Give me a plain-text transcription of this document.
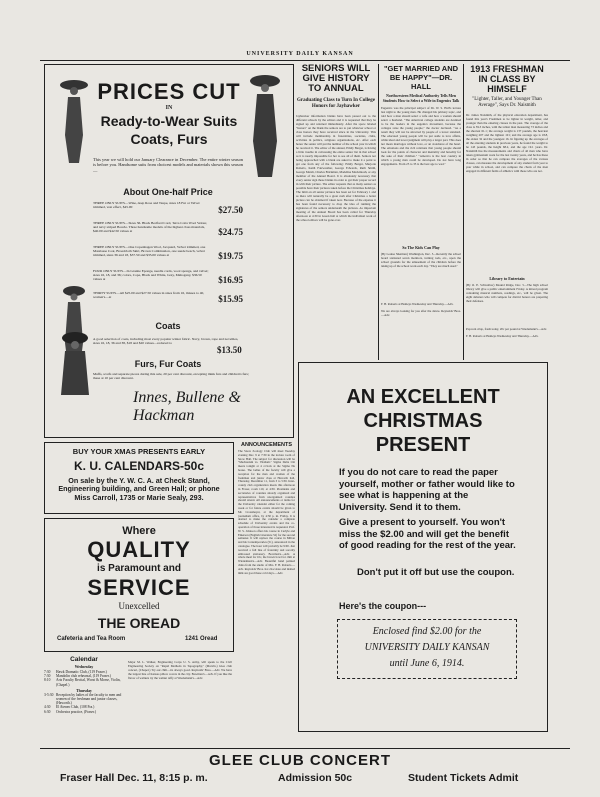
UNIVERSITY DAILY KANSAN
PRICES CUT
IN
Ready-to-Wear Suits
Coats, Furs
This year we will hold our January Clearance in December. The entire winter season is before you. Handsome suits from choicest models and materials shown this season—
About One-half Price
THREE ONLY SUITS—Wine, deep Rose and Taupe, sizes 18 Fur or Velvet trimmed, vest effect, $45.00	$27.50
THREE ONLY SUITS—Sizes 36. Black Bedford Cord, Terra Cotta Wool Velour, and navy striped Boucle. Three handsome models of the highest class materials, $40.00 and $42.50 values at	$24.75
THREE ONLY SUITS—One Copenhagen Wool, Jacquard, Velvet trimmed, one Matalasse Coat, Broadcloth Skirt, Brown Combination, one suede beach, velvet trimmed, sizes 36 and 18, $37.50 and $35.00 values at	$19.75
FOUR ONLY SUITS—In Granite Eponge, needle cords, wool sponge, and velvet; sizes 16, 18, and 36; colors, Cope, Black and White, Gray, Mahogany, $36.50 values at	$16.95
THIRTY SUITS—All $25.00 and $27.50 values in sizes from 16, misses to 40, women's—at	$15.95
Coats
A good selection of coats, including most every popular winter fabric. Navy, brown, rope and novelties, sizes 16, 18, 36 and 38, $18 and $20 values—reduced to
$13.50
Furs, Fur Coats
Muffs, scarfs and separate pieces during this sale, 20 per cent discount, excepting mink furs and children's furs; these at 10 per cent discount.
Innes, Bullene & Hackman
SENIORS WILL GIVE HISTORY TO ANNUAL
Graduating Class to Turn In College Honors for Jayhawker
Jayhawker information blanks have been passed out to the different schools by the editors and it is requested that they be signed up and returned immediately. After the space labeled "honors" on the blank the seniors are to put whatever school or class honors they have received since in the University. This will include membership in fraternities, societies, clubs, activities in politics, religious organizations, etc. After each honor the senior will put the number of the school year in which he received it. The editor of the annual, Emily Berger, is having a little trouble in canvassing the entire senior list in that school as it is nearly impossible for her to see all of them. Seniors not being approached with a blank are asked to make it a point to get one from any of the following: Emily Berger, Marjorie Roberts, Keith Fairweather, George Edwards, Ruth Smith, George Marsh, Charles Brickman, Madeline Mackintosh, or any member of the Annual Board. It is absolutely necessary that every senior sign these blanks in order to get their proper record in with their picture. The editor requests that as many seniors as possible have their pictures taken before the Christmas holidays. The limit on all senior pictures has been set for February 1 and as there will naturally be a great rush after Christmas a better picture can be obtained if taken now. Because of the expense it has been found necessary to drop the idea of running the signatures of the seniors underneath the pictures. As important meeting of the Annual Board has been called for Thursday afternoon at 4:30 in Green hall at which the individual work of the school editors will be gone over.
"GET MARRIED AND BE HAPPY"—DR. HALL
Northwestern Medical Authority Tells Men Students How to Select a Wife in Eugenics Talk
Eugenics was the principal subject of Dr. W. S. Hall's lecture last night to the young men. He changed his primary topic, and told how a man should select a wife and how a woman should select a husband. "The American college students are destined to be the leaders in the eugenics movement, because the colleges raise the young people," the doctor declared. "As a result they will not be attracted by people of a lower standard. The educated young people will be put aside to love affairs, while ideal and lower judgment will play a larger part. This does not mean marriages without love, or an avoidance of the heart. The emotions and the rich relations that young people should look for the points of character and mentality and heredity for the sake of their children." "America is the best country in which a young man could be developed. Do not have long engagements. From 25 to 35 is the best age to wed."
So The Kids Can Play
(By Louise Sherman) Washington, Dec. 5—Recently the school board stationed seven monitors, turning rods, etc., upon the school grounds for the amusement of the children before the taking up of the school work each day. "They are much used."
F. H. Roberts at Henleys Wednesday and Thursday.—Adv.
We are always looking for you after the dance. Reynolds' Bros.—Adv.
1913 FRESHMAN IN CLASS BY HIMSELF
"Lighter, Taller, and Younger Than Average", Says Dr. Naismith
Dr. James Naismith, of the physical education department, has found this year's Freshmen to be lighter in weight, taller, and younger than the entering classes in the past. The average of the class is 59.3 inches, with the tallest man measuring 73 inches and the shortest 61.1; the average weight is 137 pounds, the heaviest weighing 207 and the lightest 101; and the average age is 18.8, the oldest 32 and the youngest 16. In figuring up the averages of all the entering students in previous years, he found the weight to be 143 pounds, the height 68.2, and the age 19.1 years. Dr. Naismith has the measurements and charts of all men who have taken gymnasium work for the last twenty years, and he has these in order so that he can compare the averages of the various classes, can measure the development of any student from year to year while in school, and can compare the charts of the men engaged in different fields of athletics with those who are not.
Library to Entertain
(By O. E. Schwalbor) Mound Ridge, Dec. 5—The high school library will give a public entertainment Friday. A mixed program containing musical numbers, readings, etc., will be given. The eight debaters who will compete for district honors are preparing their defenses.
Popcorn crisp, fresh today, 20c per pound at Wiedemann's—Adv.
F. H. Roberts at Henleys Wednesday and Thursday.—Adv.
AN EXCELLENT
CHRISTMAS
PRESENT
If you do not care to read the paper yourself, mother or father would like to see what is happening at the University. Send it to them.
Give a present to yourself. You won't miss the $2.00 and will get the benefit of good reading for the rest of the year.
Don't put it off but use the coupon.
Here's the coupon---
Enclosed find $2.00 for the
UNIVERSITY DAILY KANSAN
until June 6, 1914.
BUY YOUR XMAS PRESENTS EARLY
K. U. CALENDARS-50c
On sale by the Y. W. C. A. at Check Stand, Engineering building, and Green Hall; or phone Miss Carroll, 1735 or Marie Sealy, 293.
Where
QUALITY
is Paramount and
SERVICE
Unexcelled
THE OREAD
Cafeteria and Tea Room	1241 Oread
Calendar
Wednesday
7:30	Hawk Dramatic Club, (119 Fraser.)
7:30	Mandolin club rehearsal, (119 Fraser.)
8:10	Arts Faculty Recital, Worst & Morse, Violin, (Chapel.)
Thursday
3-5:30 Reception by ladies of the faculty to men and women of the freshman and junior classes, (Haworth.)
4:30	El Ateneo Club, (108 Fra.)
6:30	Orchestra practice, (Fraser.)
Major M. L. Walker, Engineering Corps U. S. Army, will speak to the Civil Engineering Society on "Rapid Methods in Topography," (Marvin.) Glee club concert, (Chapel.) Try our chili—its always good. Reynolds' Bros.—Adv. We have the largest line of Kansas pillow covers in the city. Bowman's—Adv. If you like the flavor of walnuts try the walnut taffy at Wiedemann's—Adv.
ANNOUNCEMENTS
The Snow Zoology Club will meet Tuesday evening Dec. 9 at 7:30 in the lecture room of Snow Hall. The subject for discussion will be "Mechanism vs. Vitalism." Sigma Delta Chi meets tonight at 4 o'clock at the Sigma Nu house. The ladies of the faculty will give a reception for the men and women of the freshman and junior class at Haworth hall, Thursday, December 11, from 3 to 5:30. Inter-county club organization meets this afternoon in Fraser, room 110, at 4:30. Presidents and secretaries of counties already organized and representatives from unorganized counties should attend. All announcements or items for the University calendar either for the coming week or for future events should be given to Mr. Crossmeyer, at the department of journalism office, by 4:30 p. m. Friday. It is desired to make the calendar a complete schedule of University events and the co-operation of those interested is requested. Prof. W. S. Johnson offers his course in Carlyle and Emerson (English Literature 52) for the second semester. It will replace the course in Milton and his Contemporaries (51), announced in the catalogue. The hour will probably be 9:00. Just received a full line of fraternity and sorority embossed stationery. Bowman's—Adv. A whole meal for 10c, the brown bowl for chili at Wiedemann's—Adv. Beautiful hand painted china from the studio of Mrs. F. H. Roberts.—Adv. Reynolds' Bros. hot chocolate and malted milk are good these cold days.—Adv.
GLEE CLUB CONCERT
Fraser Hall Dec. 11, 8:15 p. m.	Admission 50c	Student Tickets Admit
